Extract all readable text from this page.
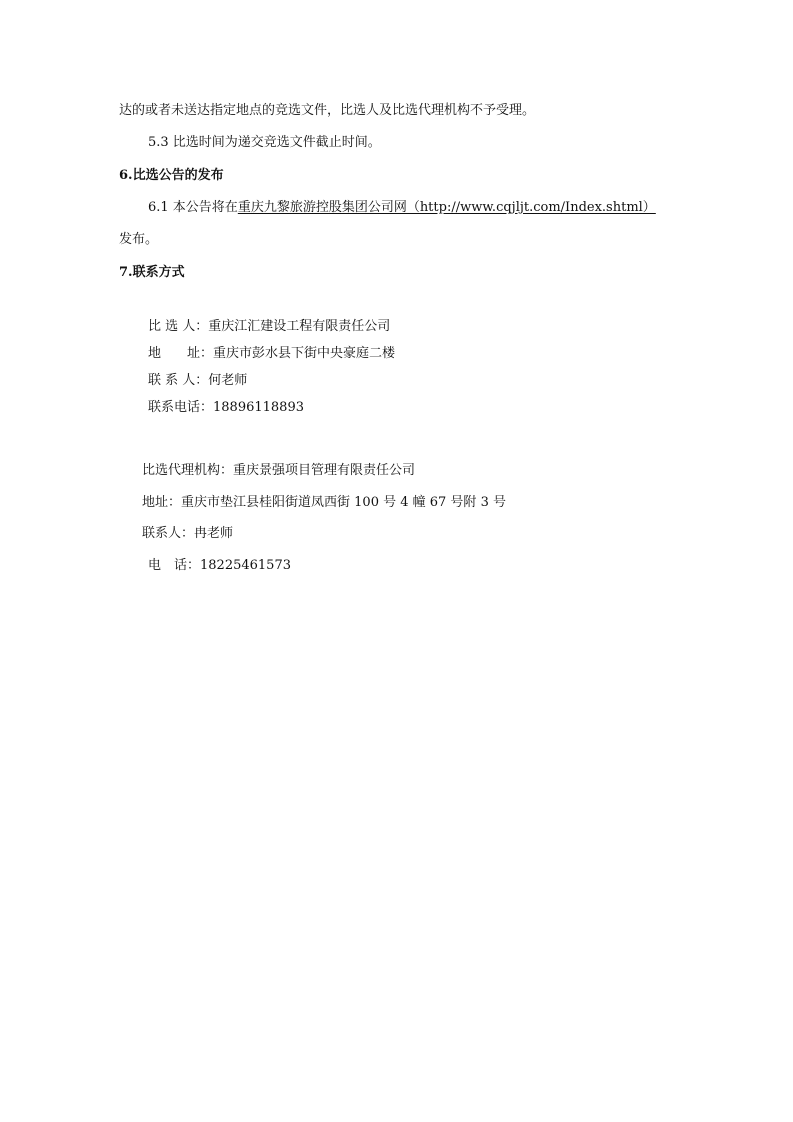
达的或者未送达指定地点的竞选文件，比选人及比选代理机构不予受理。
5.3 比选时间为递交竞选文件截止时间。
6.比选公告的发布
6.1 本公告将在重庆九黎旅游控股集团公司网（http://www.cqjljt.com/Index.shtml）
发布。
7.联系方式
比 选 人：重庆江汇建设工程有限责任公司
地　　址：重庆市彭水县下街中央豪庭二楼
联 系 人：何老师
联系电话：18896118893
比选代理机构：重庆景强项目管理有限责任公司
地址：重庆市垫江县桂阳街道凤西街 100 号 4 幢 67 号附 3 号
联系人：冉老师
电　话：18225461573
